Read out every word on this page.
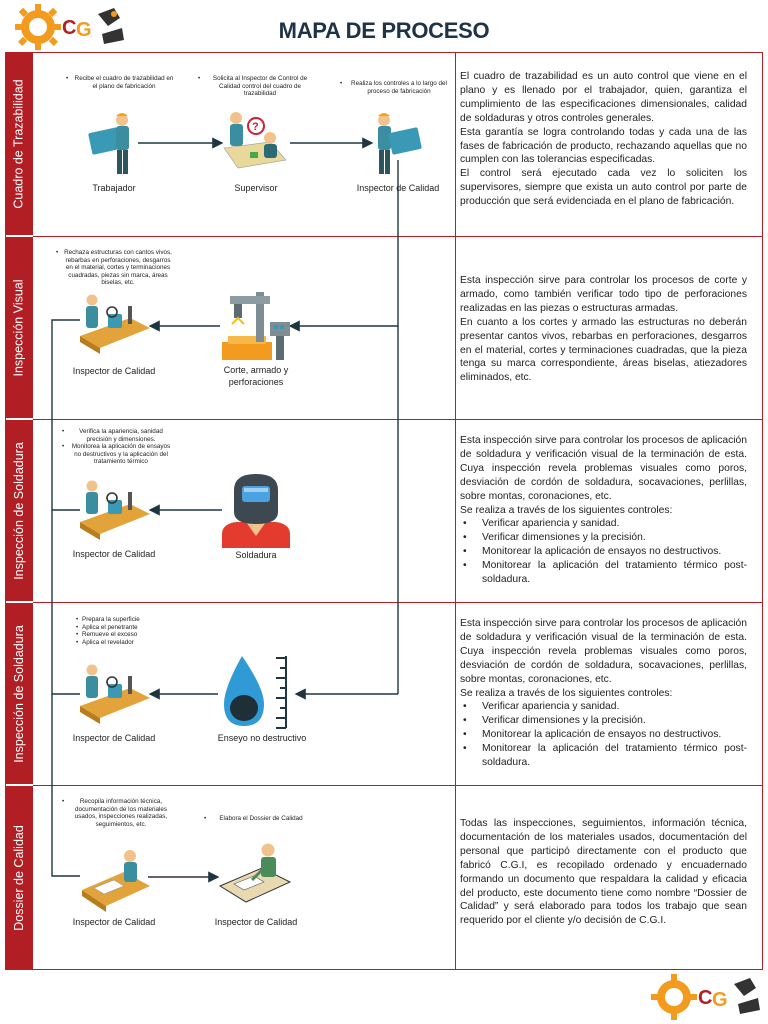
C G	MAPA DE PROCESO
C G
Cuadro de Trazabilidad
Inspección Visual
Inspección de Soldadura
Inspección de Soldadura
Dossier de Calidad
• Recibe el cuadro de trazabilidad en el plano de fabricación
• Solicita al Inspector de Control de Calidad control del cuadro de trazabilidad
• Realiza los controles a lo largo del proceso de fabricación
Trabajador
?
Supervisor	Inspector de Calidad

El cuadro de trazabilidad es un auto control que viene en el plano y es llenado por el trabajador, quien, garantiza el cumplimiento de las especificaciones dimensionales, calidad de soldaduras y otros controles generales.

Esta garantía se logra controlando todas y cada una de las fases de fabricación de producto, rechazando aquellas que no cumplen con las tolerancias especificadas.

El control será ejecutado cada vez lo soliciten los supervisores, siempre que exista un auto control por parte de producción que será evidenciada en el plano de fabricación.

• Rechaza estructuras con cantos vivos, rebarbas en perforaciones, desgarros en el material, cortes y terminaciones cuadradas, piezas sin marca, áreas biselas, etc.
Inspector de Calidad	Corte, armado y perforaciones

Esta inspección sirve para controlar los procesos de corte y armado, como también verificar todo tipo de perforaciones realizadas en las piezas o estructuras armadas.

En cuanto a los cortes y armado las estructuras no deberán presentar cantos vivos, rebarbas en perforaciones, desgarros en el material, cortes y terminaciones cuadradas, que la pieza tenga su marca correspondiente, áreas biselas, atiezadores eliminados, etc.

• Verifica la apariencia, sanidad precisión y dimensiones.
• Monitorea la aplicación de ensayos no destructivos y la aplicación del tratamiento térmico
Inspector de Calidad	Soldadura

Esta inspección sirve para controlar los procesos de aplicación de soldadura y verificación visual de la terminación de esta. Cuya inspección revela problemas visuales como poros, desviación de cordón de soldadura, socavaciones, perlillas, sobre montas, coronaciones, etc.

Se realiza a través de los siguientes controles:

• Verificar apariencia y sanidad.
• Verificar dimensiones y la precisión.
• Monitorear la aplicación de ensayos no destructivos.
• Monitorear la aplicación del tratamiento térmico post-soldadura.
• Prepara la superficie
• Aplica el penetrante
• Remueve el exceso
• Aplica el revelador
Inspector de Calidad	Enseyo no destructivo

Esta inspección sirve para controlar los procesos de aplicación de soldadura y verificación visual de la terminación de esta. Cuya inspección revela problemas visuales como poros, desviación de cordón de soldadura, socavaciones, perlillas, sobre montas, coronaciones, etc.

Se realiza a través de los siguientes controles:

• Verificar apariencia y sanidad.
• Verificar dimensiones y la precisión.
• Monitorear la aplicación de ensayos no destructivos.
• Monitorear la aplicación del tratamiento térmico post-soldadura.
• Recopila información técnica, documentación de los materiales usados, inspecciones realizadas, seguimientos, etc.
• Elabora el Dossier de Calidad
Inspector de Calidad	Inspector de Calidad

Todas las inspecciones, seguimientos, información técnica, documentación de los materiales usados, documentación del personal que participó directamente con el producto que fabricó C.G.I, es recopilado ordenado y encuadernado formando un documento que respaldara la calidad y eficacia del producto, este documento tiene como nombre “Dossier de Calidad” y será elaborado para todos los trabajo que sean requerido por el cliente y/o decisión de C.G.I.
